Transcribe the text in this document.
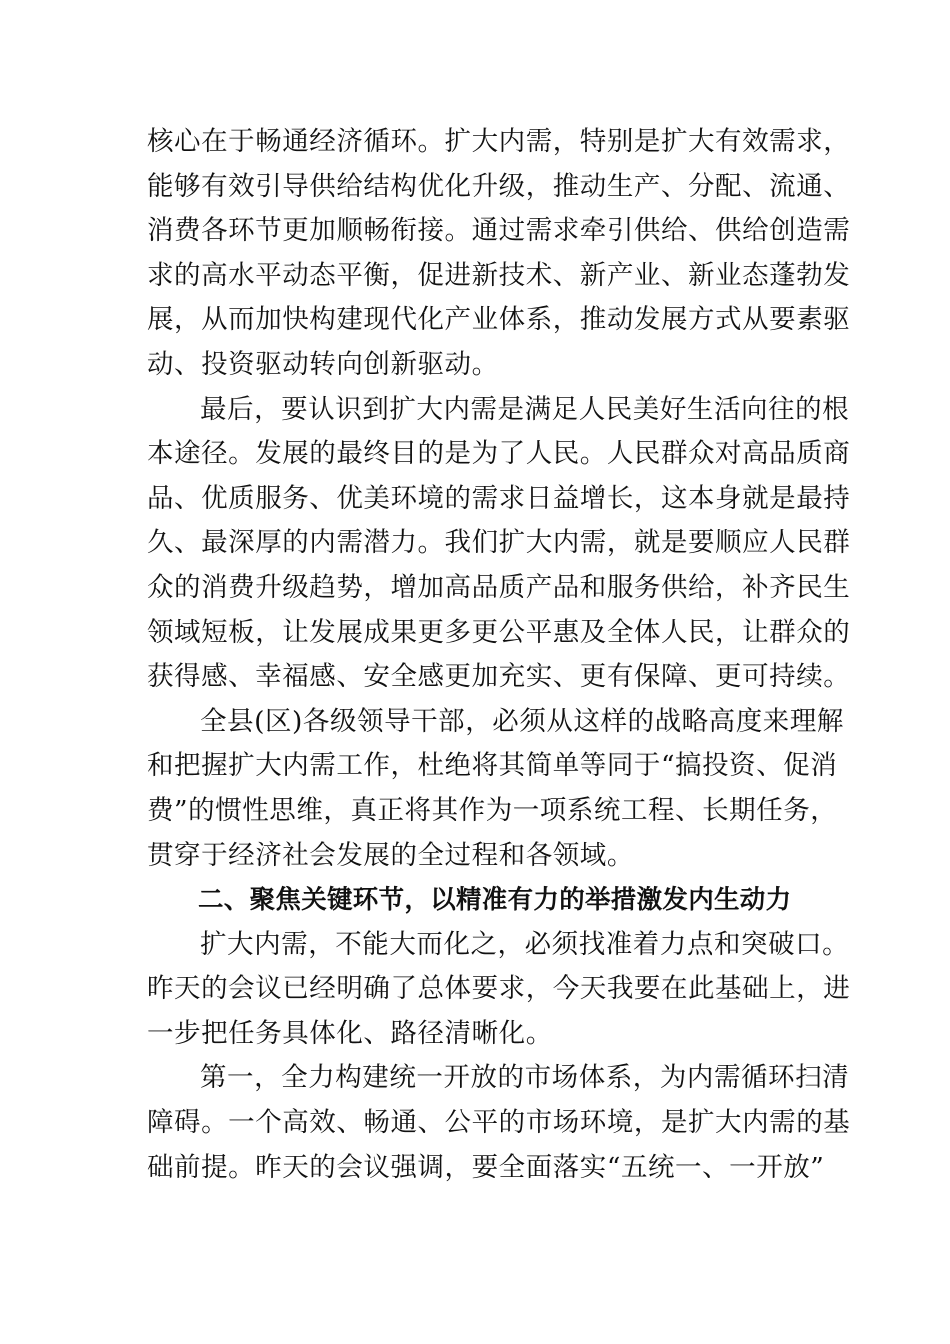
核心在于畅通经济循环。扩大内需，特别是扩大有效需求，
能够有效引导供给结构优化升级，推动生产、分配、流通、
消费各环节更加顺畅衔接。通过需求牵引供给、供给创造需
求的高水平动态平衡，促进新技术、新产业、新业态蓬勃发
展，从而加快构建现代化产业体系，推动发展方式从要素驱
动、投资驱动转向创新驱动。

最后，要认识到扩大内需是满足人民美好生活向往的根
本途径。发展的最终目的是为了人民。人民群众对高品质商
品、优质服务、优美环境的需求日益增长，这本身就是最持
久、最深厚的内需潜力。我们扩大内需，就是要顺应人民群
众的消费升级趋势，增加高品质产品和服务供给，补齐民生
领域短板，让发展成果更多更公平惠及全体人民，让群众的
获得感、幸福感、安全感更加充实、更有保障、更可持续。

全县(区)各级领导干部，必须从这样的战略高度来理解
和把握扩大内需工作，杜绝将其简单等同于“搞投资、促消
费”的惯性思维，真正将其作为一项系统工程、长期任务，
贯穿于经济社会发展的全过程和各领域。

二、聚焦关键环节，以精准有力的举措激发内生动力

扩大内需，不能大而化之，必须找准着力点和突破口。
昨天的会议已经明确了总体要求，今天我要在此基础上，进
一步把任务具体化、路径清晰化。

第一，全力构建统一开放的市场体系，为内需循环扫清
障碍。一个高效、畅通、公平的市场环境，是扩大内需的基
础前提。昨天的会议强调，要全面落实“五统一、一开放”
